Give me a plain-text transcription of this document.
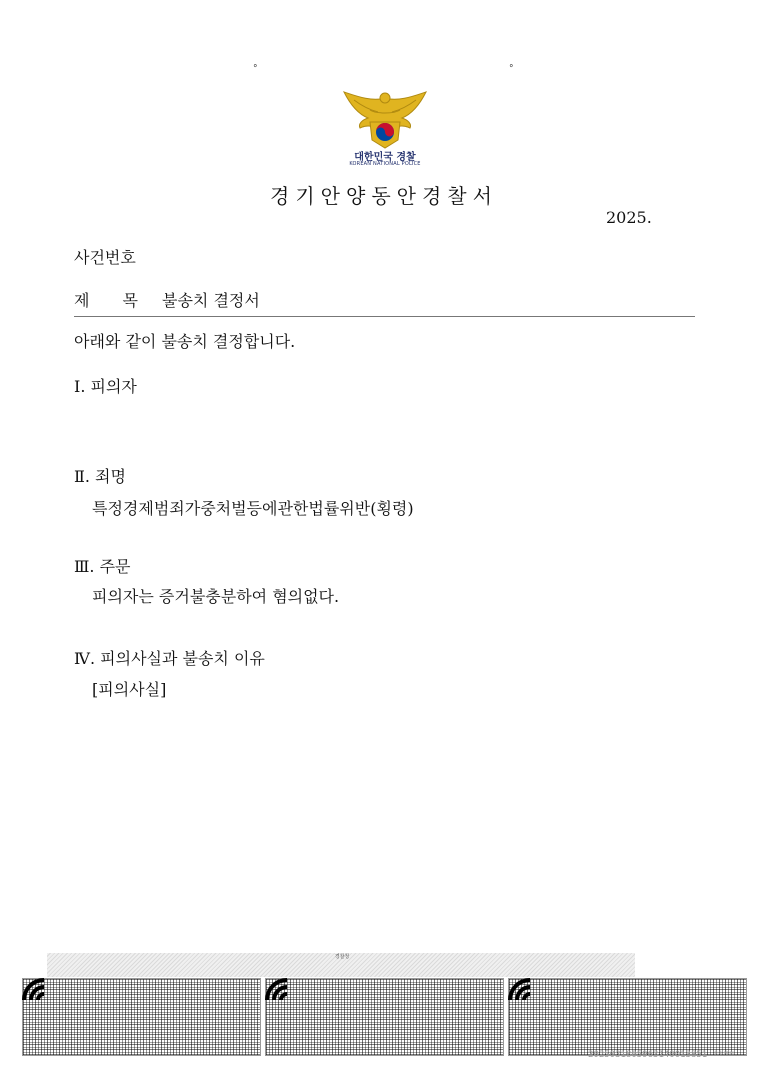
°	°
대한민국 경찰
KOREAN NATIONAL POLICE
경기안양동안경찰서
2025.
사건번호
제 목 불송치 결정서
아래와 같이 불송치 결정합니다.
Ⅰ. 피의자
Ⅱ. 죄명
특정경제범죄가중처벌등에관한법률위반(횡령)
Ⅲ. 주문
피의자는 증거불충분하여 혐의없다.
Ⅳ. 피의사실과 불송치 이유
[피의사실]
경찰청
2025031805963140013851 ****
